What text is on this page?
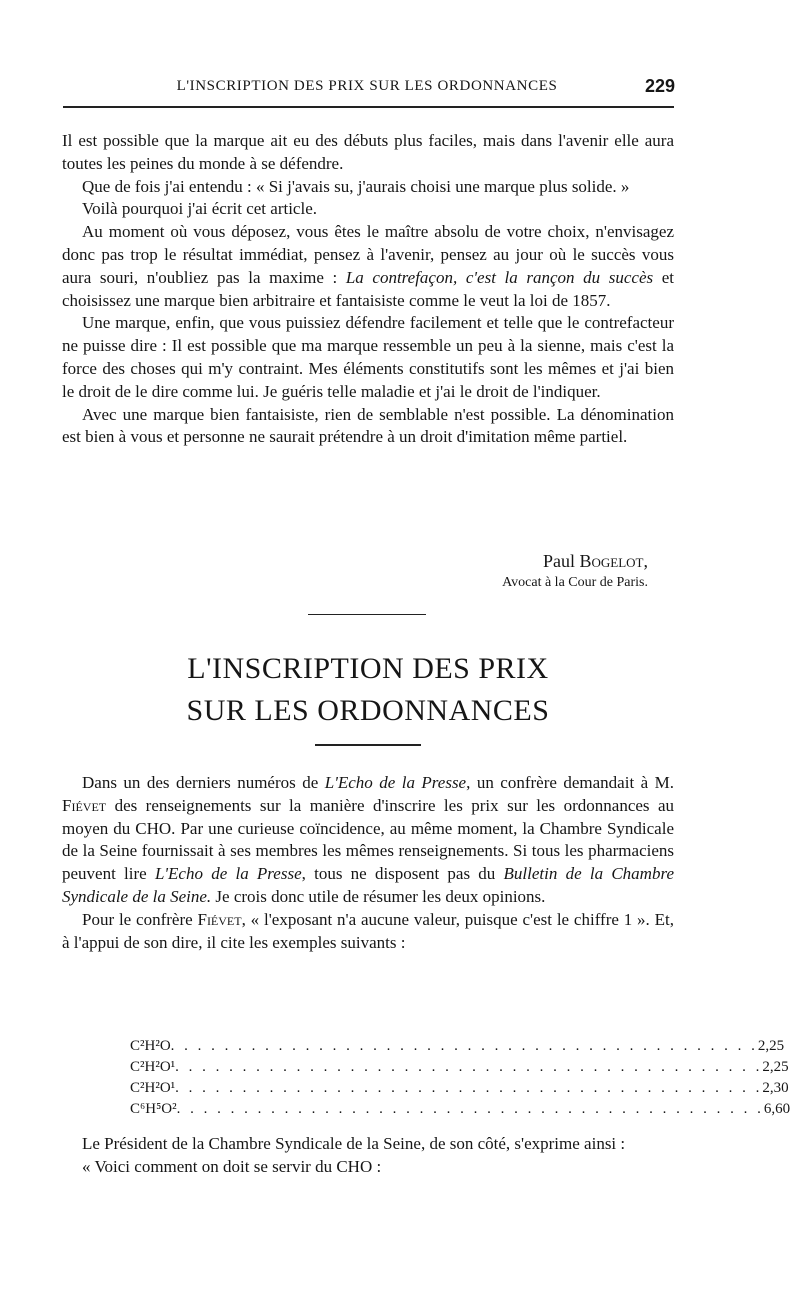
L'INSCRIPTION DES PRIX SUR LES ORDONNANCES	229

Il est possible que la marque ait eu des débuts plus faciles, mais dans l'avenir elle aura toutes les peines du monde à se défendre.

Que de fois j'ai entendu : « Si j'avais su, j'aurais choisi une marque plus solide. »

Voilà pourquoi j'ai écrit cet article.

Au moment où vous déposez, vous êtes le maître absolu de votre choix, n'envisagez donc pas trop le résultat immédiat, pensez à l'avenir, pensez au jour où le succès vous aura souri, n'oubliez pas la maxime : La contrefaçon, c'est la rançon du succès et choisissez une marque bien arbitraire et fantaisiste comme le veut la loi de 1857.

Une marque, enfin, que vous puissiez défendre facilement et telle que le contrefacteur ne puisse dire : Il est possible que ma marque ressemble un peu à la sienne, mais c'est la force des choses qui m'y contraint. Mes éléments constitutifs sont les mêmes et j'ai bien le droit de le dire comme lui. Je guéris telle maladie et j'ai le droit de l'indiquer.

Avec une marque bien fantaisiste, rien de semblable n'est possible. La dénomination est bien à vous et personne ne saurait prétendre à un droit d'imitation même partiel.

Paul Bogelot,
Avocat à la Cour de Paris.
L'INSCRIPTION DES PRIX
SUR LES ORDONNANCES

Dans un des derniers numéros de L'Echo de la Presse, un confrère demandait à M. Fiévet des renseignements sur la manière d'inscrire les prix sur les ordonnances au moyen du CHO. Par une curieuse coïncidence, au même moment, la Chambre Syndicale de la Seine fournissait à ses membres les mêmes renseignements. Si tous les pharmaciens peuvent lire L'Echo de la Presse, tous ne disposent pas du Bulletin de la Chambre Syndicale de la Seine. Je crois donc utile de résumer les deux opinions.

Pour le confrère Fiévet, « l'exposant n'a aucune valeur, puisque c'est le chiffre 1 ». Et, à l'appui de son dire, il cite les exemples suivants :

C²H²O . . . . . . . . . . . . . . . . . . . . . . . . . . . . . . . . . . . . . . . . . . . . 2,25
C²H²O¹ . . . . . . . . . . . . . . . . . . . . . . . . . . . . . . . . . . . . . . . . . . . . 2,25
C²H²O¹ . . . . . . . . . . . . . . . . . . . . . . . . . . . . . . . . . . . . . . . . . . . . 2,30
C⁶H⁵O² . . . . . . . . . . . . . . . . . . . . . . . . . . . . . . . . . . . . . . . . . . . . 6,60

Le Président de la Chambre Syndicale de la Seine, de son côté, s'exprime ainsi :

« Voici comment on doit se servir du CHO :
